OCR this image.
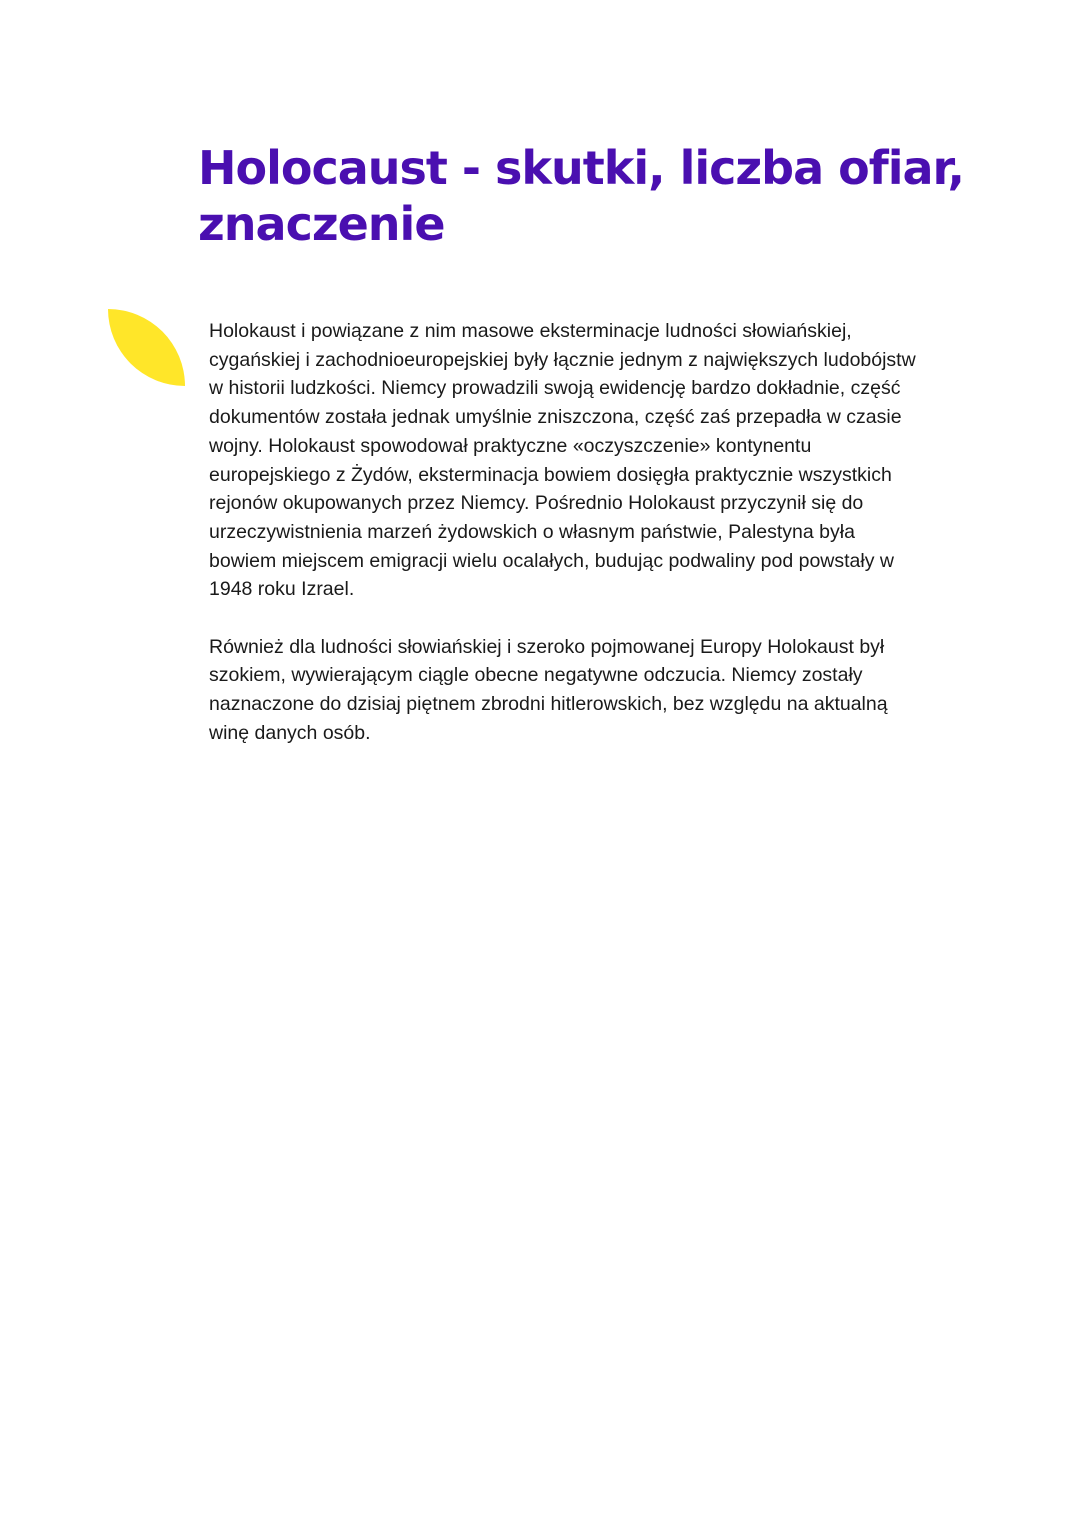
Holocaust - skutki, liczba ofiar, znaczenie

Holokaust i powiązane z nim masowe eksterminacje ludności słowiańskiej, cygańskiej i zachodnioeuropejskiej były łącznie jednym z największych ludobójstw w historii ludzkości. Niemcy prowadzili swoją ewidencję bardzo dokładnie, część dokumentów została jednak umyślnie zniszczona, część zaś przepadła w czasie wojny. Holokaust spowodował praktyczne «oczyszczenie» kontynentu europejskiego z Żydów, eksterminacja bowiem dosięgła praktycznie wszystkich rejonów okupowanych przez Niemcy. Pośrednio Holokaust przyczynił się do urzeczywistnienia marzeń żydowskich o własnym państwie, Palestyna była bowiem miejscem emigracji wielu ocalałych, budując podwaliny pod powstały w 1948 roku Izrael.

Również dla ludności słowiańskiej i szeroko pojmowanej Europy Holokaust był szokiem, wywierającym ciągle obecne negatywne odczucia. Niemcy zostały naznaczone do dzisiaj piętnem zbrodni hitlerowskich, bez względu na aktualną winę danych osób.
